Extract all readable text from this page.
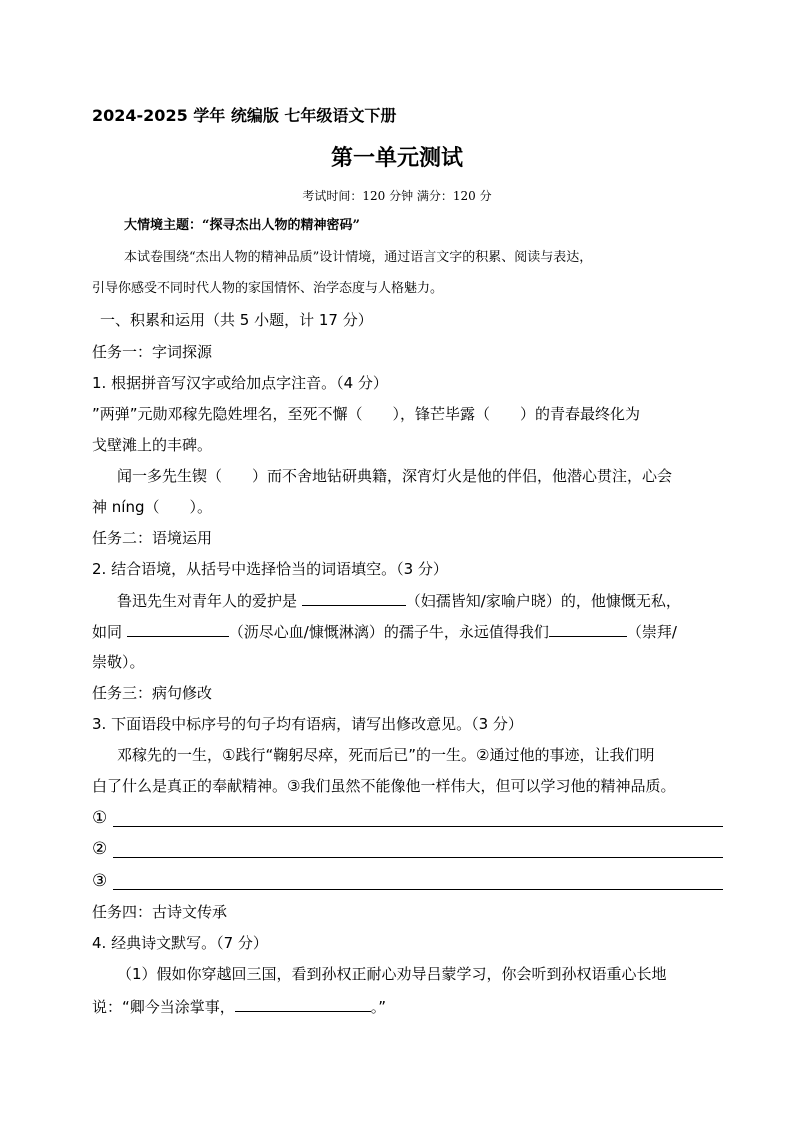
2024-2025 学年 统编版 七年级语文下册
第一单元测试
考试时间：120 分钟 满分：120 分
大情境主题：“探寻杰出人物的精神密码”
本试卷围绕“杰出人物的精神品质”设计情境，通过语言文字的积累、阅读与表达，
引导你感受不同时代人物的家国情怀、治学态度与人格魅力。
一、积累和运用（共 5 小题，计 17 分）
任务一：字词探源
1. 根据拼音写汉字或给加点字注音。（4 分）
”两弹”元勋邓稼先隐姓埋名，至死不懈（　　），锋芒毕露（　　）的青春最终化为
戈壁滩上的丰碑。
闻一多先生锲（　　）而不舍地钻研典籍，深宵灯火是他的伴侣，他潜心贯注，心会
神 níng（　　）。
任务二：语境运用
2. 结合语境，从括号中选择恰当的词语填空。（3 分）
鲁迅先生对青年人的爱护是	（妇孺皆知/家喻户晓）的，他慷慨无私，
如同	（沥尽心血/慷慨淋漓）的孺子牛，永远值得我们	（崇拜/
崇敬）。
任务三：病句修改
3. 下面语段中标序号的句子均有语病，请写出修改意见。（3 分）
邓稼先的一生，①践行“鞠躬尽瘁，死而后已”的一生。②通过他的事迹，让我们明
白了什么是真正的奉献精神。③我们虽然不能像他一样伟大，但可以学习他的精神品质。
①
②
③
任务四：古诗文传承
4. 经典诗文默写。（7 分）
（1）假如你穿越回三国，看到孙权正耐心劝导吕蒙学习，你会听到孙权语重心长地
说：“卿今当涂掌事，	。”
